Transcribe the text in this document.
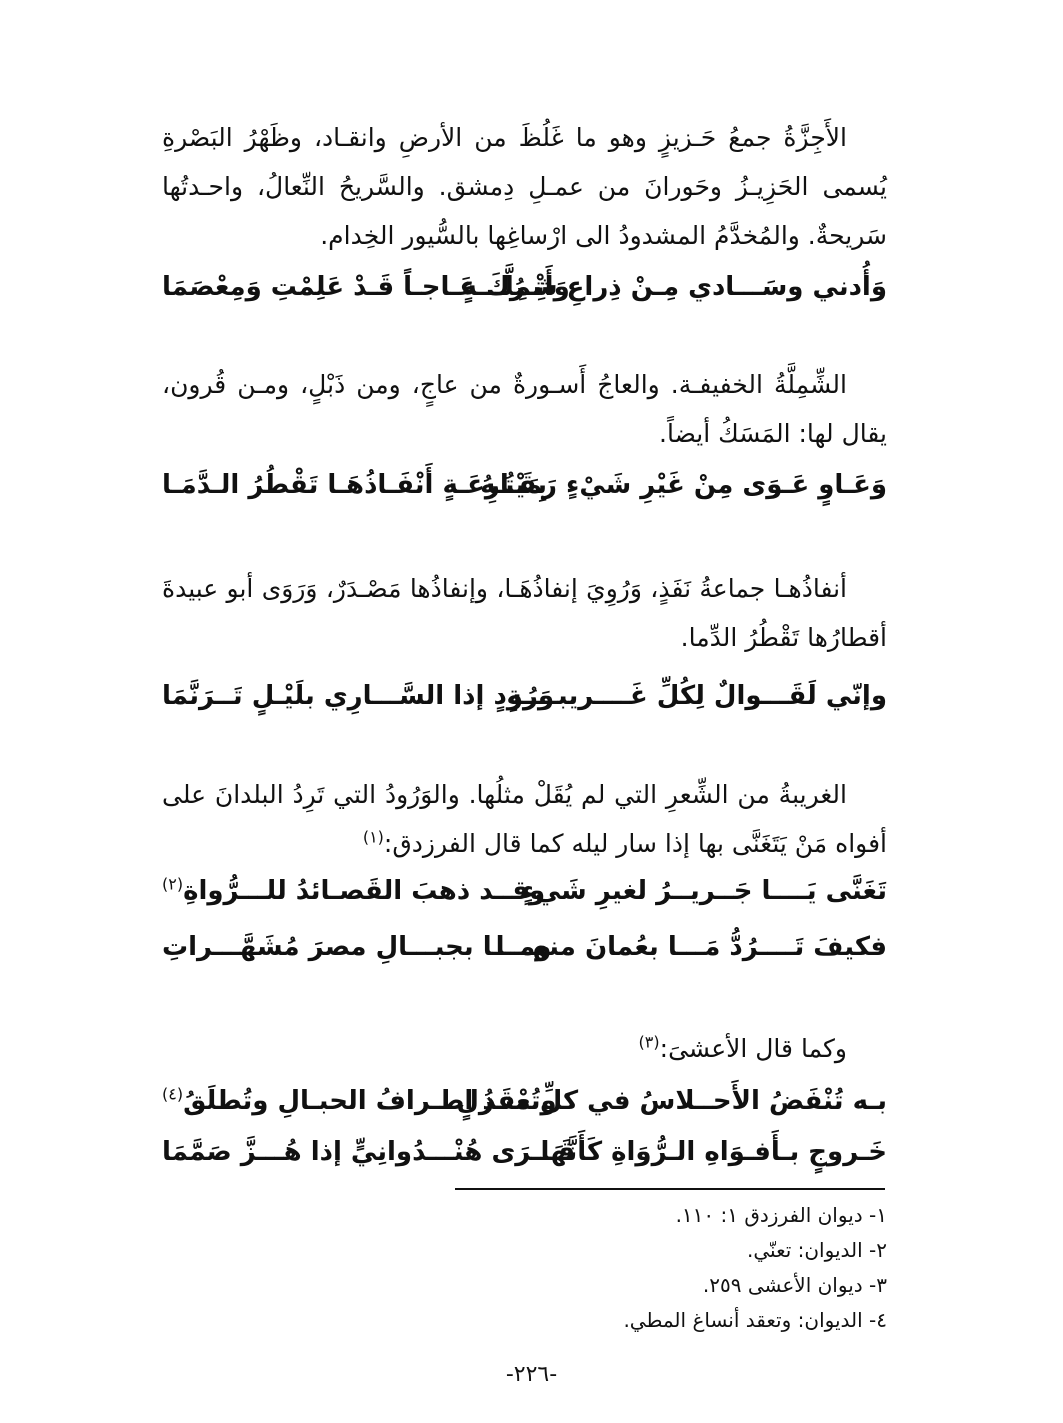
الأَجِزَّةُ جمعُ حَـزيزٍ وهو ما غَلُظَ من الأرضِ وانقـاد، وظَهْرُ البَصْرةِ يُسمى الحَزِيـزُ وحَورانَ من عمـلِ دِمشق. والسَّريحُ النِّعالُ، واحـدتُها سَريحةٌ. والمُخدَّمُ المشدودُ الى ارْساغِها بالسُّيور الخِدام.

وَأُدني وسَـــادي مِـنْ ذِراعِ شِمِلَّـــةٍ
وَأَتْـرُكَ عَـاجـاً قَـدْ عَلِمْتِ وَمِعْصَمَا

الشِّمِلَّةُ الخفيفـة. والعاجُ أَسـورةٌ من عاجٍ، ومن ذَبْلٍ، ومـن قُرون، يقال لها: المَسَكُ أيضاً.

وَعَـاوٍ عَـوَى مِنْ غَيْرِ شَيْءٍ رَمَيْتُـهُ
بِقَـارِعَـةٍ أَنْفَـاذُهَـا تَقْطُرُ الـدَّمَـا

أنفاذُهـا جماعةُ نَفَذٍ، وَرُوِيَ إنفاذُهَـا، وإنفاذُها مَصْـدَرٌ، وَرَوَى أبو عبيدةَ أقطارُها تَقْطُرُ الدِّما.

وإنّي لَقَـــوالٌ لِكُلِّ غَــــريبــــةٍ
وَرُودٍ إذا السَّـــارِي بلَيْـلٍ تَــرَنَّمَا

الغريبةُ من الشِّعرِ التي لم يُقَلْ مثلُها. والوَرُودُ التي تَرِدُ البلدانَ على أفواه مَنْ يَتَغَنَّى بها إذا سار ليله كما قال الفرزدق:$^{(١)}$

تَغَنَّى يَــــا جَــريــرُ لغيرِ شَيءٍ
وقــد ذهبَ القَصـائدُ للـــرُّواةِ$^{(٢)}$
فكيفَ تَــــرُدُّ مَـــا بعُمانَ منهـــا
ومـــا بجبـــالِ مصرَ مُشَهَّـــراتِ

وكما قال الأعشىَ:$^{(٣)}$

بـه تُنْفَضُ الأَحــلاسُ في كلِّ منـزلٍ
وتُعْقَدُ اطـرافُ الحبـالِ وتُطلَقُ$^{(٤)}$
خَـروجٍ بـأَفـوَاهِ الـرُّوَاةِ كَأَنَّهَا
قَـــرَى هُنْـــدُوانِيٍّ إذا هُـــزَّ صَمَّمَا
١- ديوان الفرزدق ١: ١١٠.
٢- الديوان: تعنّي.
٣- ديوان الأعشى ٢٥٩.
٤- الديوان: وتعقد أنساغ المطي.
-٢٢٦-
